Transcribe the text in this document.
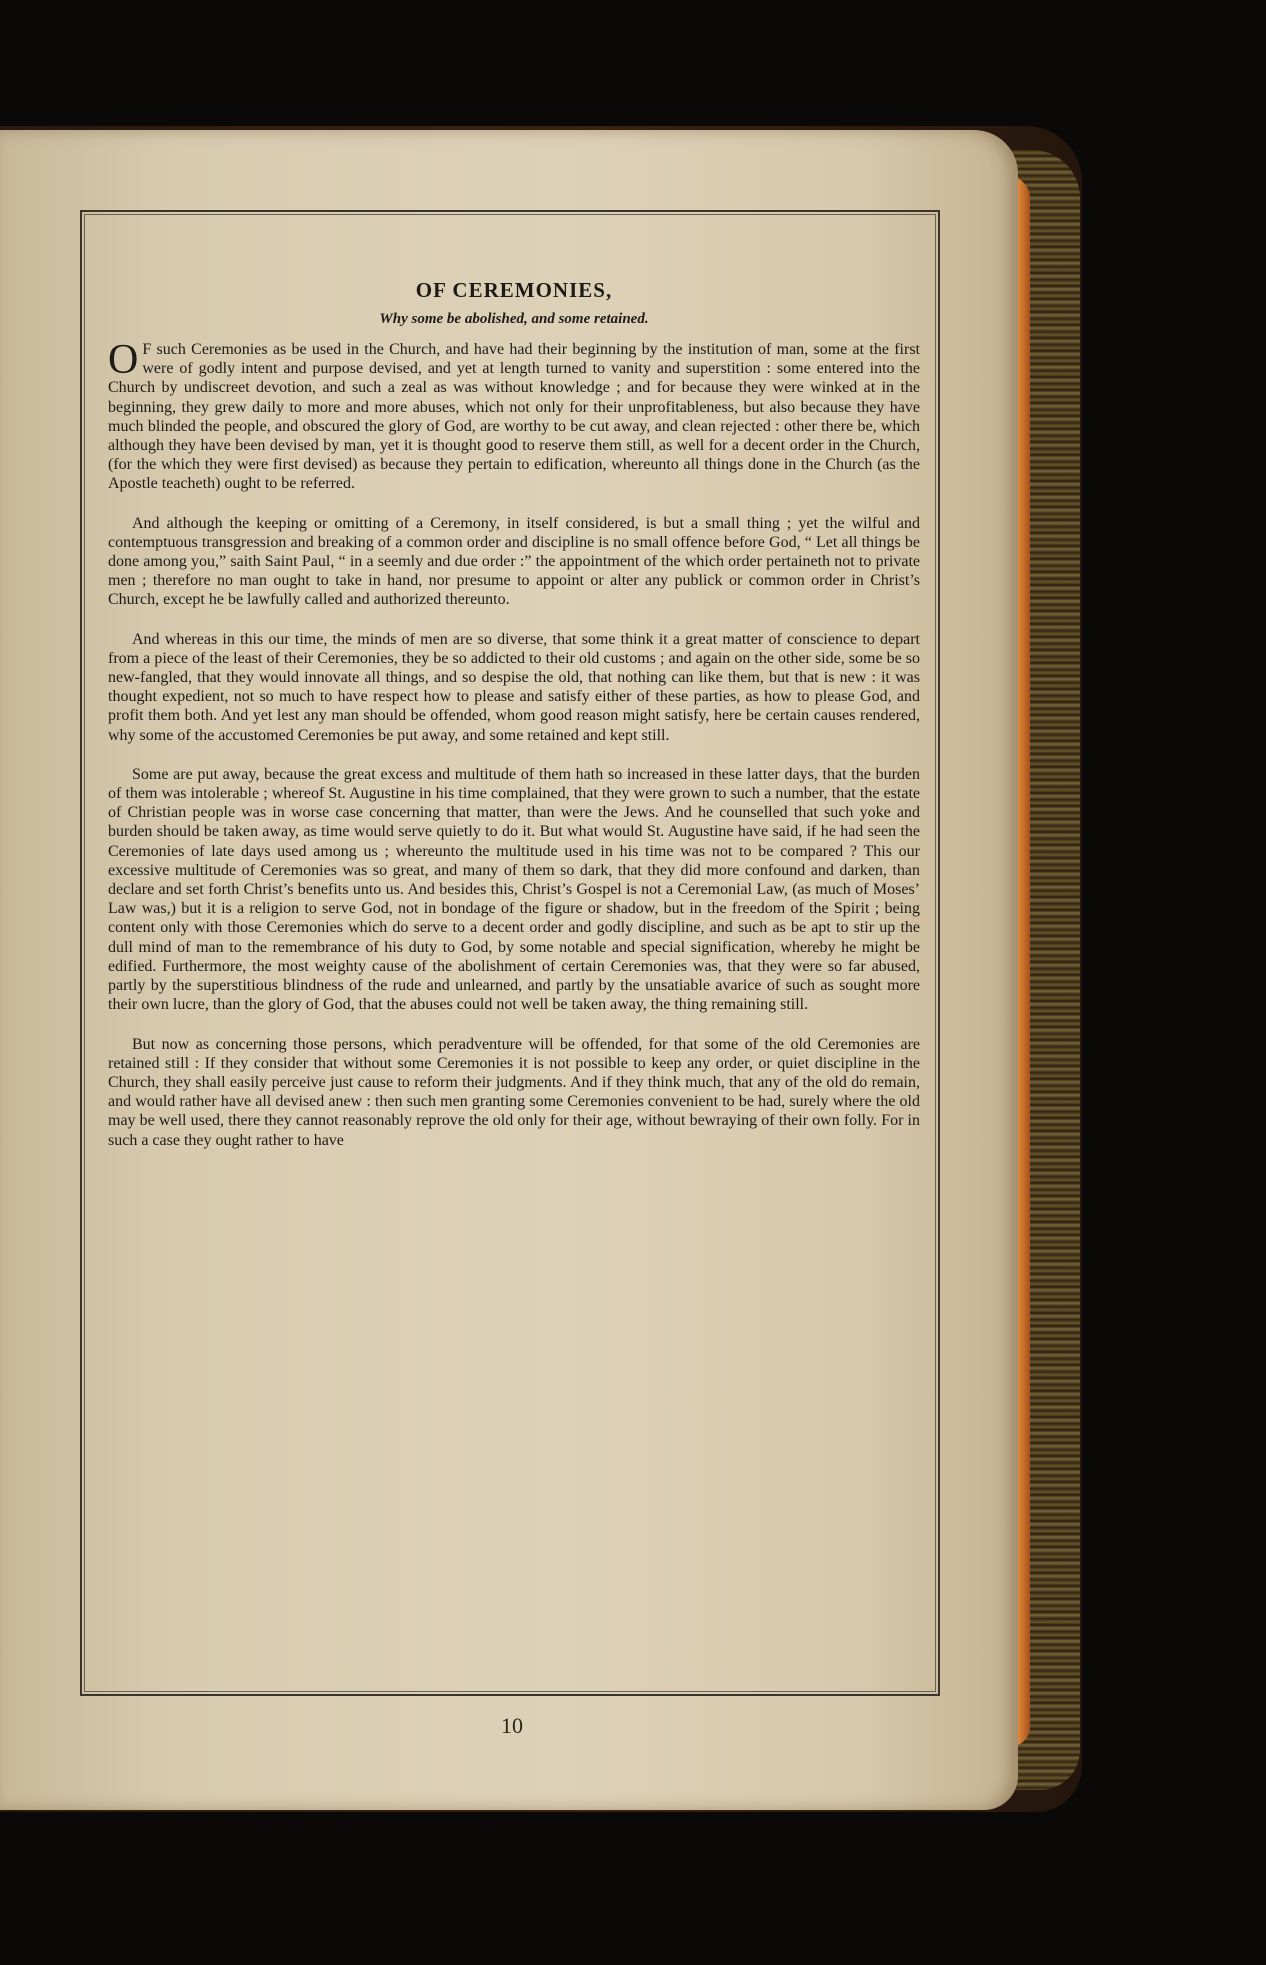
OF CEREMONIES,
Why some be abolished, and some retained.

O F such Ceremonies as be used in the Church, and have had their beginning by the institution of man, some at the first were of godly intent and purpose devised, and yet at length turned to vanity and superstition : some entered into the Church by undiscreet devotion, and such a zeal as was without knowledge ; and for because they were winked at in the beginning, they grew daily to more and more abuses, which not only for their unprofitableness, but also because they have much blinded the people, and obscured the glory of God, are worthy to be cut away, and clean rejected : other there be, which although they have been devised by man, yet it is thought good to reserve them still, as well for a decent order in the Church, (for the which they were first devised) as because they pertain to edification, whereunto all things done in the Church (as the Apostle teacheth) ought to be referred.

And although the keeping or omitting of a Ceremony, in itself considered, is but a small thing ; yet the wilful and contemptuous transgression and breaking of a common order and discipline is no small offence before God, “ Let all things be done among you,” saith Saint Paul, “ in a seemly and due order :” the appointment of the which order pertaineth not to private men ; therefore no man ought to take in hand, nor presume to appoint or alter any publick or common order in Christ’s Church, except he be lawfully called and authorized thereunto.

And whereas in this our time, the minds of men are so diverse, that some think it a great matter of conscience to depart from a piece of the least of their Ceremonies, they be so addicted to their old customs ; and again on the other side, some be so new-fangled, that they would innovate all things, and so despise the old, that nothing can like them, but that is new : it was thought expedient, not so much to have respect how to please and satisfy either of these parties, as how to please God, and profit them both. And yet lest any man should be offended, whom good reason might satisfy, here be certain causes rendered, why some of the accustomed Ceremonies be put away, and some retained and kept still.

Some are put away, because the great excess and multitude of them hath so increased in these latter days, that the burden of them was intolerable ; whereof St. Augustine in his time complained, that they were grown to such a number, that the estate of Christian people was in worse case concerning that matter, than were the Jews. And he counselled that such yoke and burden should be taken away, as time would serve quietly to do it. But what would St. Augustine have said, if he had seen the Ceremonies of late days used among us ; whereunto the multitude used in his time was not to be compared ? This our excessive multitude of Ceremonies was so great, and many of them so dark, that they did more confound and darken, than declare and set forth Christ’s benefits unto us. And besides this, Christ’s Gospel is not a Ceremonial Law, (as much of Moses’ Law was,) but it is a religion to serve God, not in bondage of the figure or shadow, but in the freedom of the Spirit ; being content only with those Ceremonies which do serve to a decent order and godly discipline, and such as be apt to stir up the dull mind of man to the remembrance of his duty to God, by some notable and special signification, whereby he might be edified. Furthermore, the most weighty cause of the abolishment of certain Ceremonies was, that they were so far abused, partly by the superstitious blindness of the rude and unlearned, and partly by the unsatiable avarice of such as sought more their own lucre, than the glory of God, that the abuses could not well be taken away, the thing remaining still.

But now as concerning those persons, which peradventure will be offended, for that some of the old Ceremonies are retained still : If they consider that without some Ceremonies it is not possible to keep any order, or quiet discipline in the Church, they shall easily perceive just cause to reform their judgments. And if they think much, that any of the old do remain, and would rather have all devised anew : then such men granting some Ceremonies convenient to be had, surely where the old may be well used, there they cannot reasonably reprove the old only for their age, without bewraying of their own folly. For in such a case they ought rather to have

10
